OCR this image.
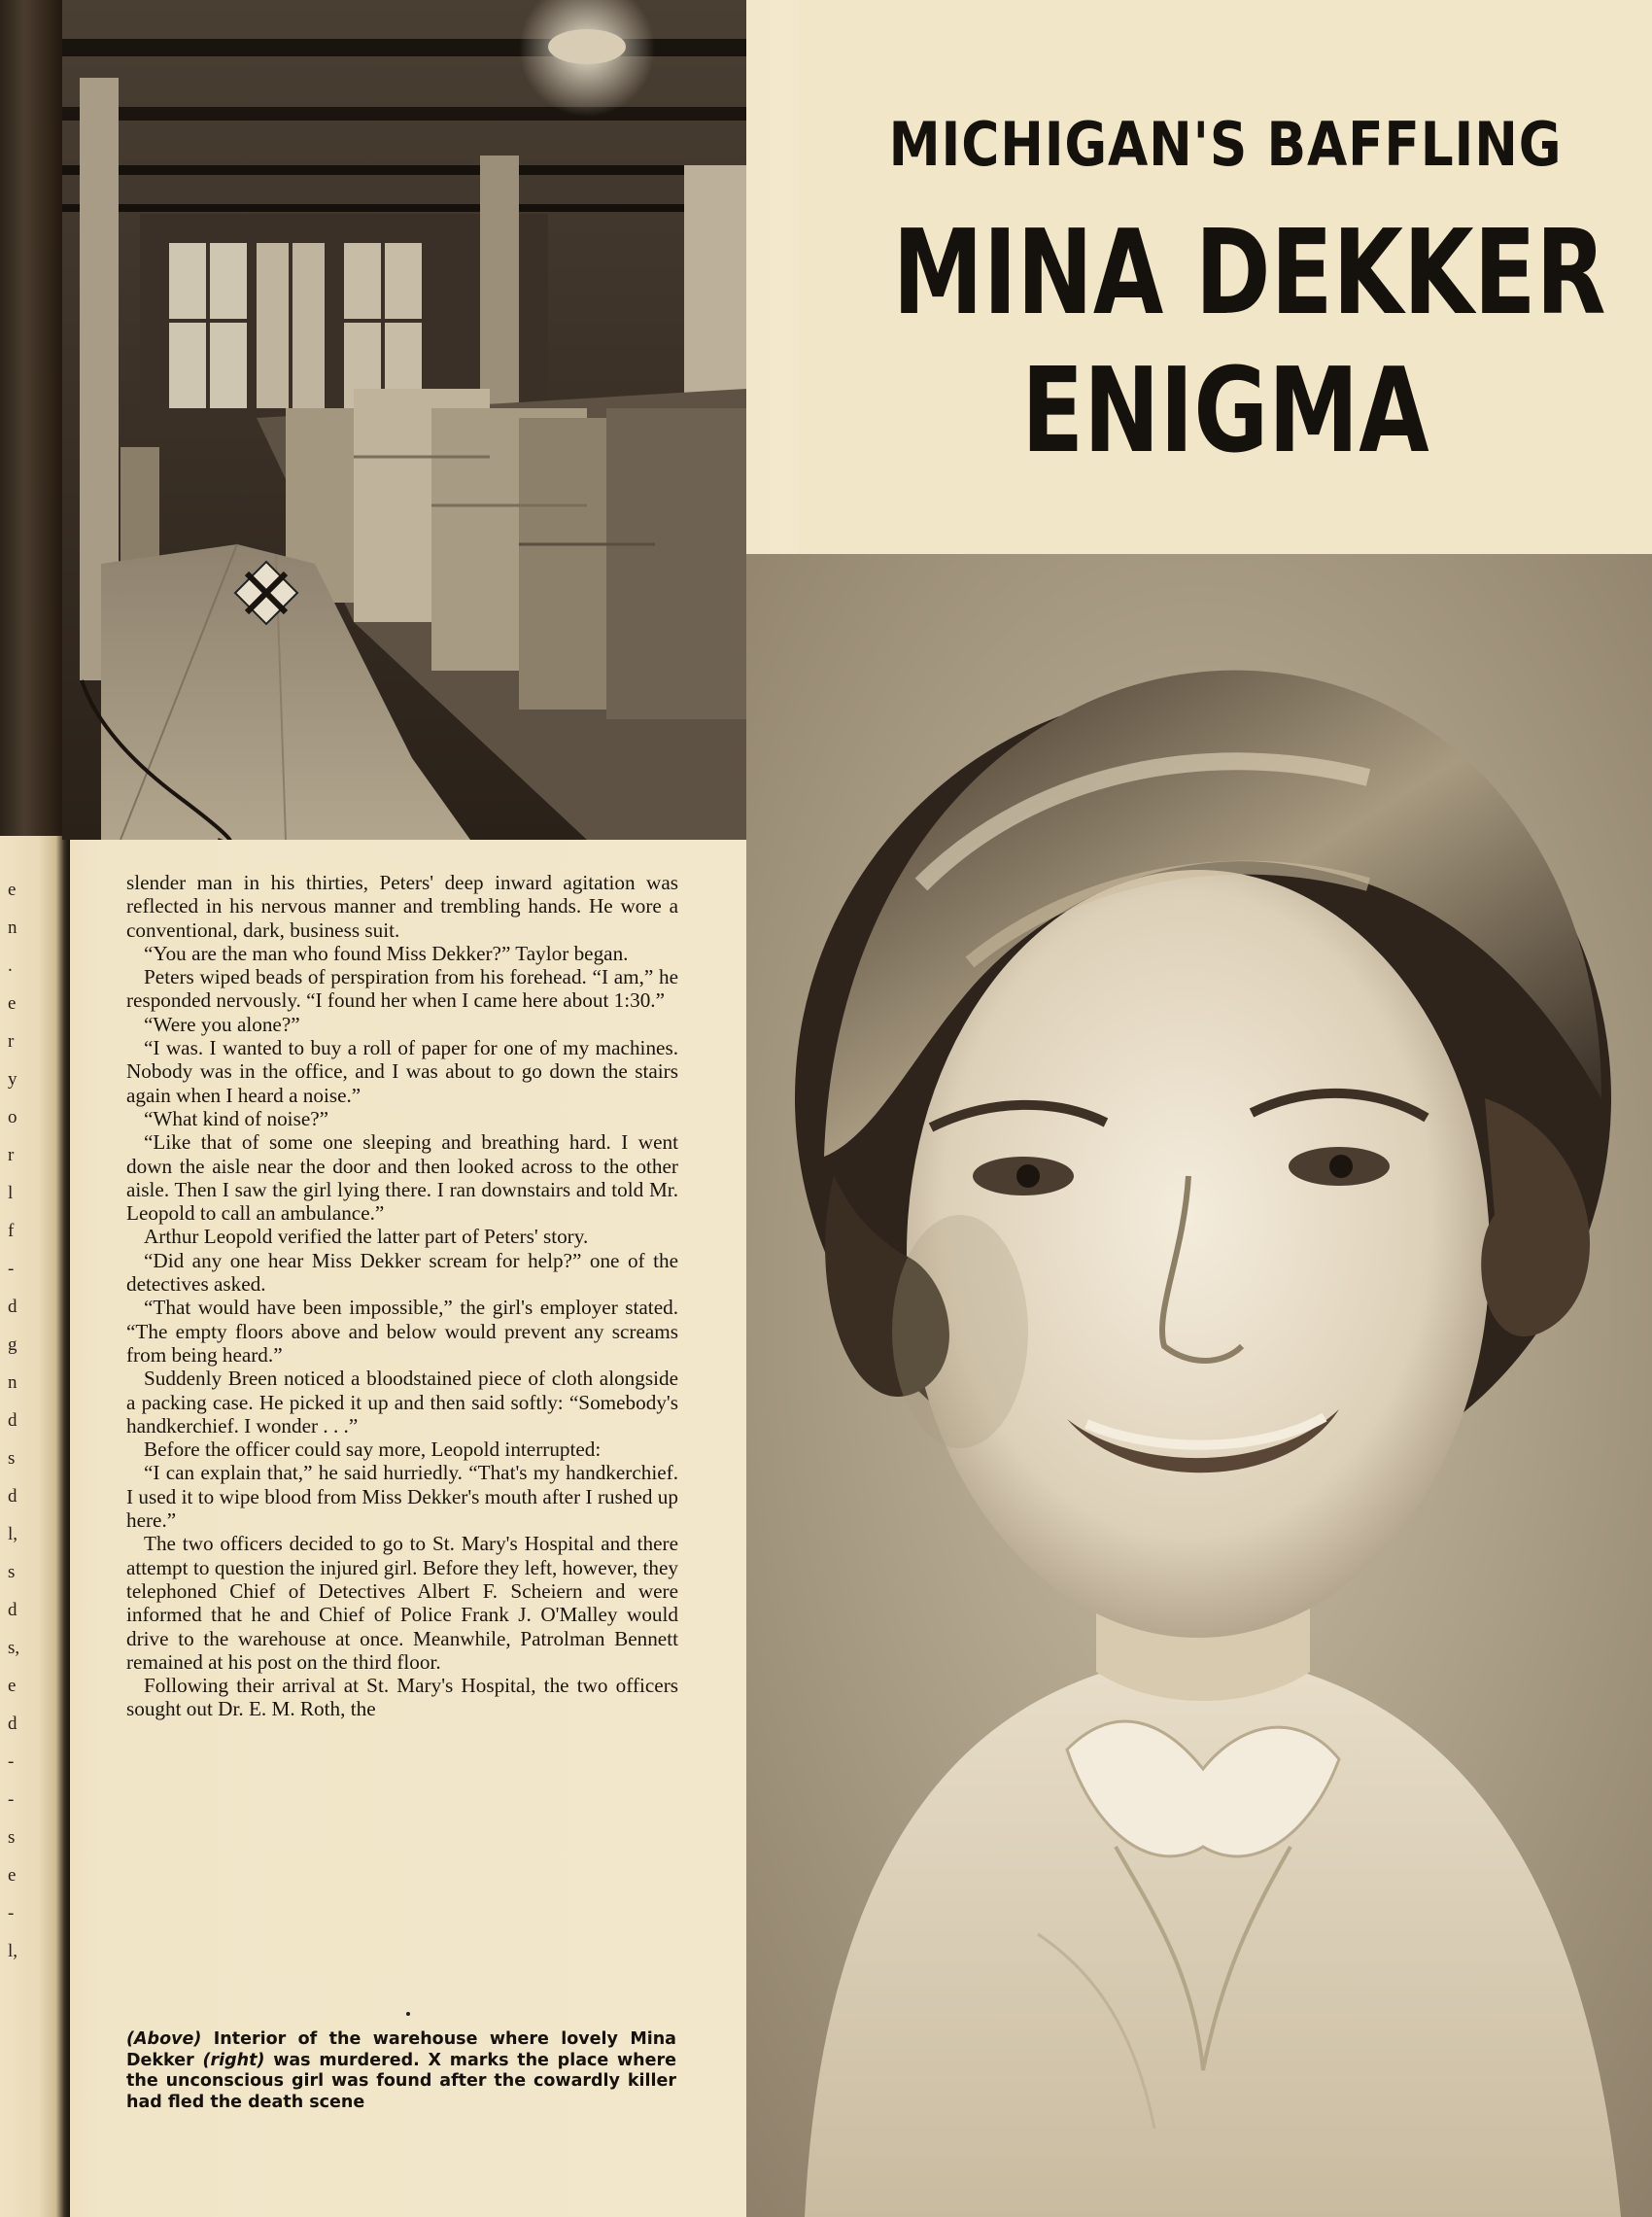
e
n
.
e
r
y
o
r
l
f
-
d
g
n
d
s
d
l,
s
d
s,
e
d
-
-
s
e
-
l,
MICHIGAN'S BAFFLING
MINA DEKKER
ENIGMA

slender man in his thirties, Peters' deep inward agitation was reflected in his nervous manner and trembling hands. He wore a conventional, dark, business suit.

“You are the man who found Miss Dekker?” Taylor began.

Peters wiped beads of perspiration from his forehead. “I am,” he responded nervously. “I found her when I came here about 1:30.”

“Were you alone?”

“I was. I wanted to buy a roll of paper for one of my machines. Nobody was in the office, and I was about to go down the stairs again when I heard a noise.”

“What kind of noise?”

“Like that of some one sleeping and breathing hard. I went down the aisle near the door and then looked across to the other aisle. Then I saw the girl lying there. I ran downstairs and told Mr. Leopold to call an ambulance.”

Arthur Leopold verified the latter part of Peters' story.

“Did any one hear Miss Dekker scream for help?” one of the detectives asked.

“That would have been impossible,” the girl's employer stated. “The empty floors above and below would prevent any screams from being heard.”

Suddenly Breen noticed a bloodstained piece of cloth alongside a packing case. He picked it up and then said softly: “Somebody's handkerchief. I wonder . . .”

Before the officer could say more, Leopold interrupted:

“I can explain that,” he said hurriedly. “That's my handkerchief. I used it to wipe blood from Miss Dekker's mouth after I rushed up here.”

The two officers decided to go to St. Mary's Hospital and there attempt to question the injured girl. Before they left, however, they telephoned Chief of Detectives Albert F. Scheiern and were informed that he and Chief of Police Frank J. O'Malley would drive to the warehouse at once. Meanwhile, Patrolman Bennett remained at his post on the third floor.

Following their arrival at St. Mary's Hospital, the two officers sought out Dr. E. M. Roth, the

(Above) Interior of the warehouse where lovely Mina Dekker (right) was murdered. X marks the place where the unconscious girl was found after the cowardly killer had fled the death scene
